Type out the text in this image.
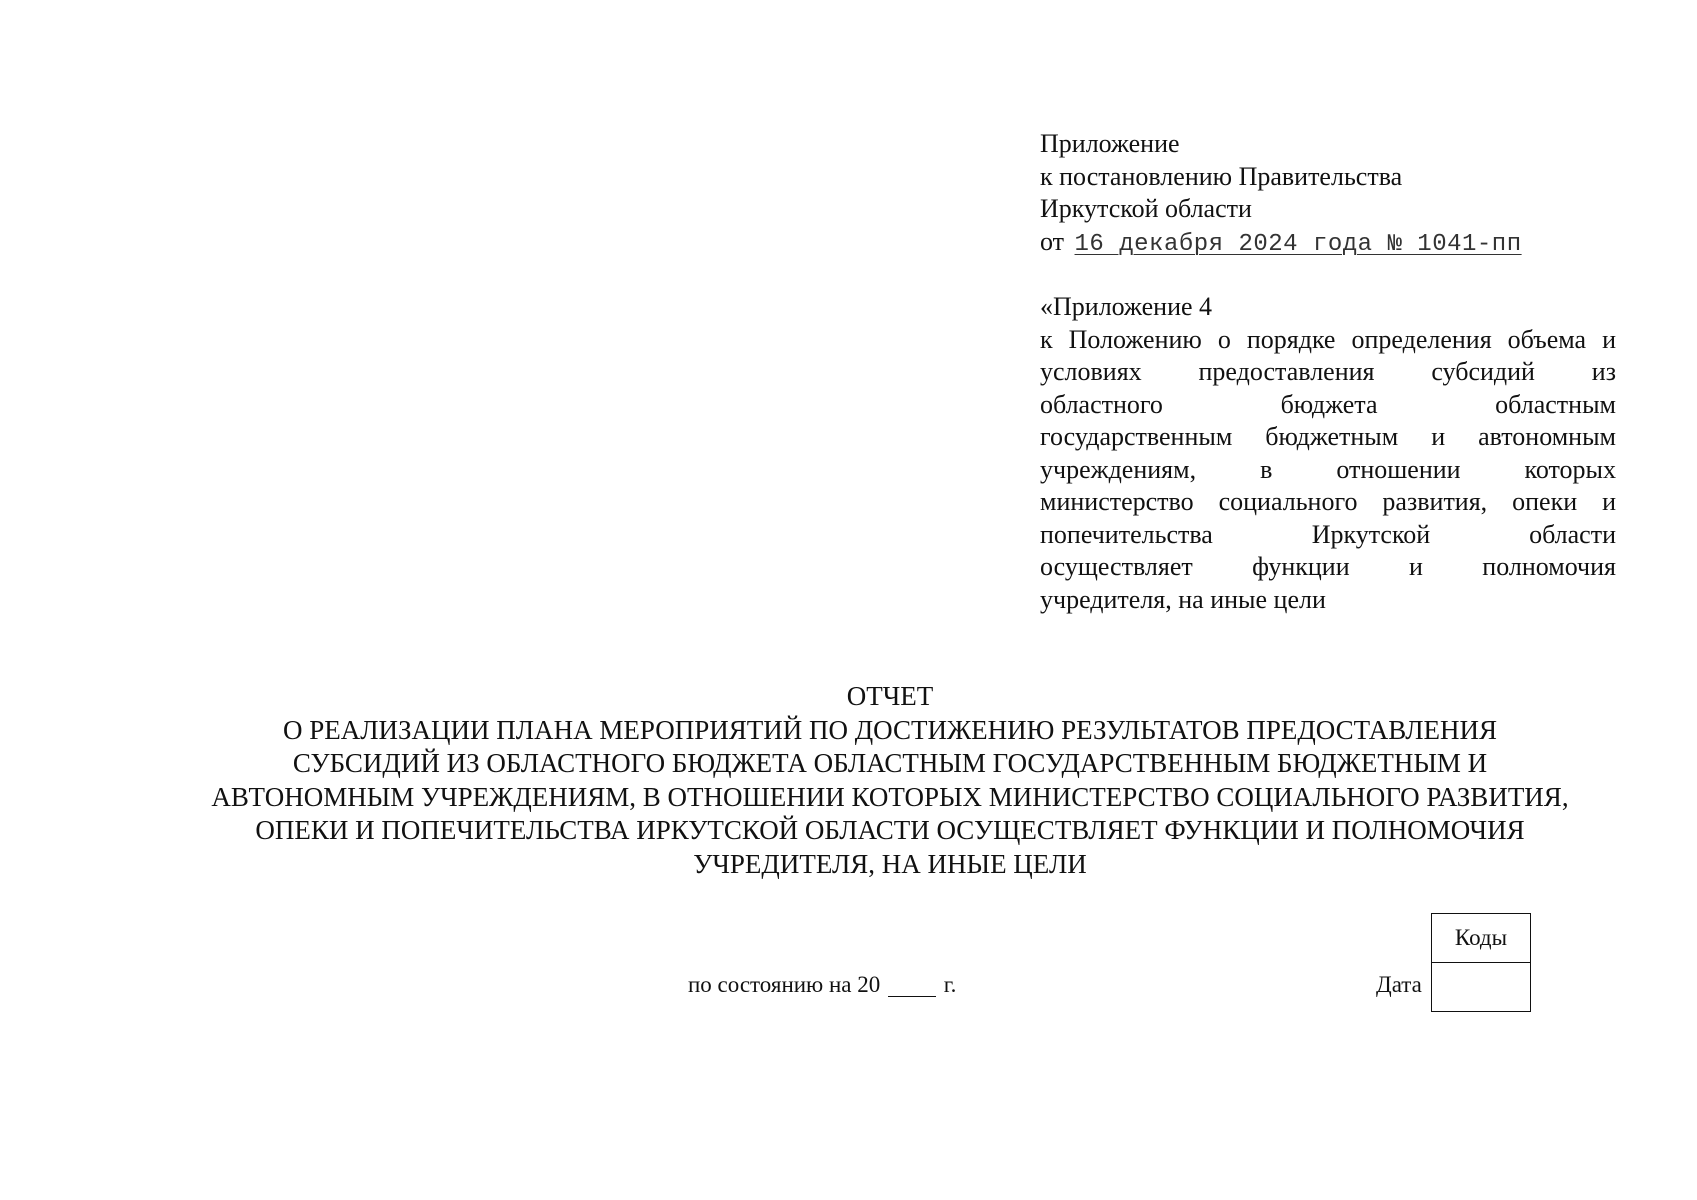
Приложение
к постановлению Правительства
Иркутской области
от 16 декабря 2024 года № 1041-пп
«Приложение 4
к Положению о порядке определения объема и
условиях предоставления субсидий из
областного бюджета областным
государственным бюджетным и автономным
учреждениям, в отношении которых
министерство социального развития, опеки и
попечительства Иркутской области
осуществляет функции и полномочия
учредителя, на иные цели
ОТЧЕТ
О РЕАЛИЗАЦИИ ПЛАНА МЕРОПРИЯТИЙ ПО ДОСТИЖЕНИЮ РЕЗУЛЬТАТОВ ПРЕДОСТАВЛЕНИЯ
СУБСИДИЙ ИЗ ОБЛАСТНОГО БЮДЖЕТА ОБЛАСТНЫМ ГОСУДАРСТВЕННЫМ БЮДЖЕТНЫМ И
АВТОНОМНЫМ УЧРЕЖДЕНИЯМ, В ОТНОШЕНИИ КОТОРЫХ МИНИСТЕРСТВО СОЦИАЛЬНОГО РАЗВИТИЯ,
ОПЕКИ И ПОПЕЧИТЕЛЬСТВА ИРКУТСКОЙ ОБЛАСТИ ОСУЩЕСТВЛЯЕТ ФУНКЦИИ И ПОЛНОМОЧИЯ
УЧРЕДИТЕЛЯ, НА ИНЫЕ ЦЕЛИ
по состоянию на 20	г.	Дата
Коды
